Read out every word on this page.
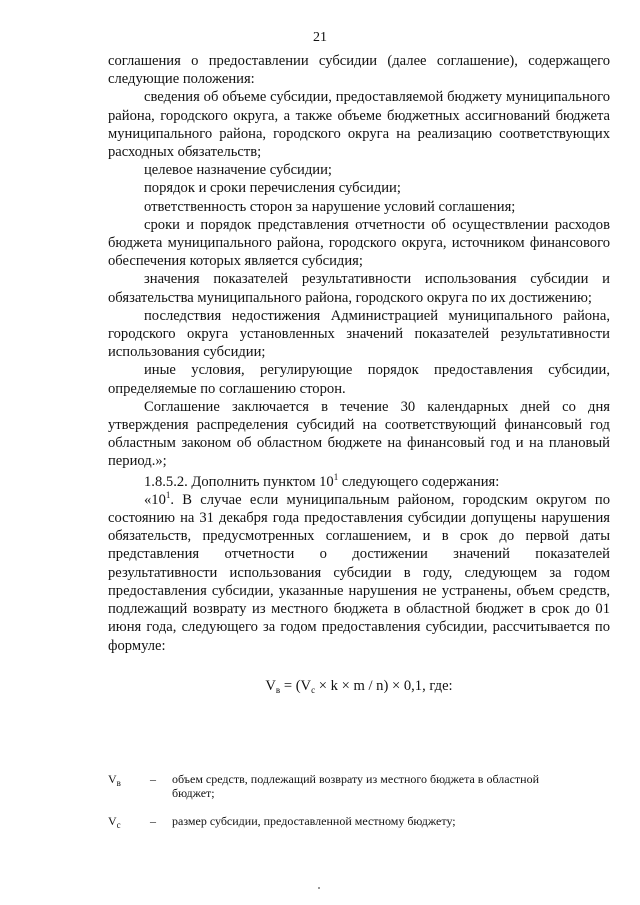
21

соглашения о предоставлении субсидии (далее соглашение), содержащего следующие положения:

сведения об объеме субсидии, предоставляемой бюджету муниципального района, городского округа, а также объеме бюджетных ассигнований бюджета муниципального района, городского округа на реализацию соответствующих расходных обязательств;

целевое назначение субсидии;

порядок и сроки перечисления субсидии;

ответственность сторон за нарушение условий соглашения;

сроки и порядок представления отчетности об осуществлении расходов бюджета муниципального района, городского округа, источником финансового обеспечения которых является субсидия;

значения показателей результативности использования субсидии и обязательства муниципального района, городского округа по их достижению;

последствия недостижения Администрацией муниципального района, городского округа установленных значений показателей результативности использования субсидии;

иные условия, регулирующие порядок предоставления субсидии, определяемые по соглашению сторон.

Соглашение заключается в течение 30 календарных дней со дня утверждения распределения субсидий на соответствующий финансовый год областным законом об областном бюджете на финансовый год и на плановый период.»;

1.8.5.2. Дополнить пунктом $10^1$ следующего содержания:

«$10^1$. В случае если муниципальным районом, городским округом по состоянию на 31 декабря года предоставления субсидии допущены нарушения обязательств, предусмотренных соглашением, и в срок до первой даты представления отчетности о достижении значений показателей результативности использования субсидии в году, следующем за годом предоставления субсидии, указанные нарушения не устранены, объем средств, подлежащий возврату из местного бюджета в областной бюджет в срок до 01 июня года, следующего за годом предоставления субсидии, рассчитывается по формуле:

$V_в = (V_с \times k \times m / n) \times 0,1$, где:
$V_в$	–	объем средств, подлежащий возврату из местного бюджета в областной бюджет;
$V_с$	–	размер субсидии, предоставленной местному бюджету;
